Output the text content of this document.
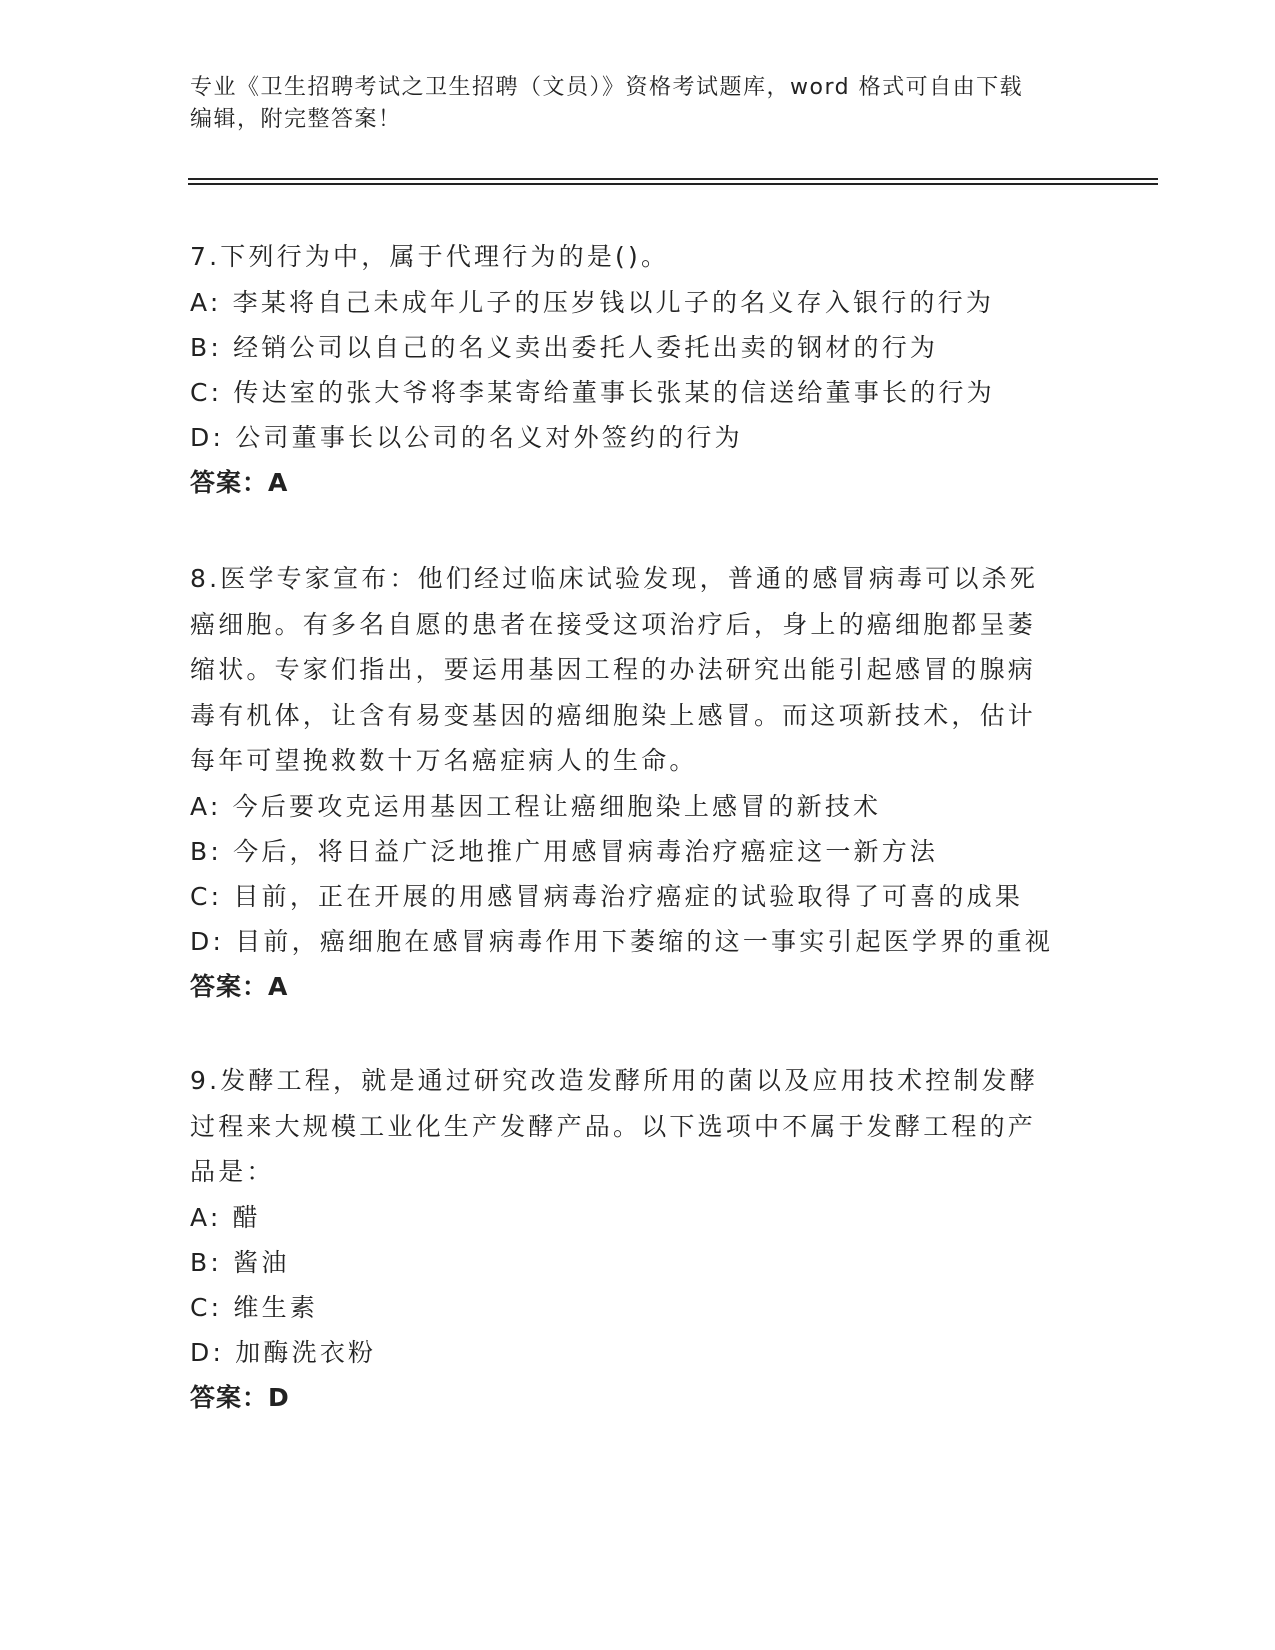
专业《卫生招聘考试之卫生招聘（文员）》资格考试题库，word 格式可自由下载
编辑，附完整答案！
7.下列行为中，属于代理行为的是()。
A: 李某将自己未成年儿子的压岁钱以儿子的名义存入银行的行为
B: 经销公司以自己的名义卖出委托人委托出卖的钢材的行为
C: 传达室的张大爷将李某寄给董事长张某的信送给董事长的行为
D: 公司董事长以公司的名义对外签约的行为
答案：A
8.医学专家宣布：他们经过临床试验发现，普通的感冒病毒可以杀死
癌细胞。有多名自愿的患者在接受这项治疗后，身上的癌细胞都呈萎
缩状。专家们指出，要运用基因工程的办法研究出能引起感冒的腺病
毒有机体，让含有易变基因的癌细胞染上感冒。而这项新技术，估计
每年可望挽救数十万名癌症病人的生命。
A: 今后要攻克运用基因工程让癌细胞染上感冒的新技术
B: 今后，将日益广泛地推广用感冒病毒治疗癌症这一新方法
C: 目前，正在开展的用感冒病毒治疗癌症的试验取得了可喜的成果
D: 目前，癌细胞在感冒病毒作用下萎缩的这一事实引起医学界的重视
答案：A
9.发酵工程，就是通过研究改造发酵所用的菌以及应用技术控制发酵
过程来大规模工业化生产发酵产品。以下选项中不属于发酵工程的产
品是：
A: 醋
B: 酱油
C: 维生素
D: 加酶洗衣粉
答案：D
